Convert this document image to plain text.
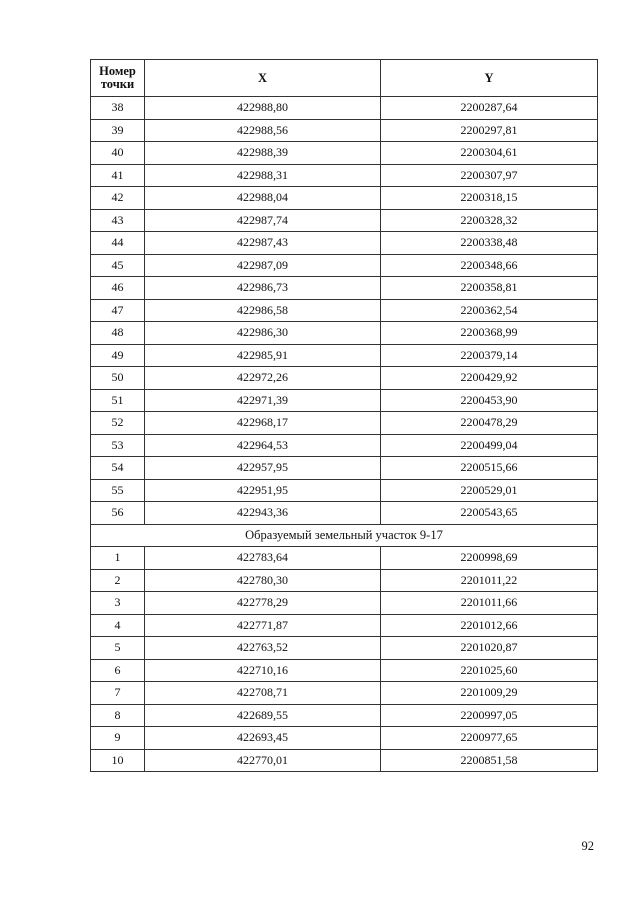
Номер точки	X	Y
38	422988,80	2200287,64
39	422988,56	2200297,81
40	422988,39	2200304,61
41	422988,31	2200307,97
42	422988,04	2200318,15
43	422987,74	2200328,32
44	422987,43	2200338,48
45	422987,09	2200348,66
46	422986,73	2200358,81
47	422986,58	2200362,54
48	422986,30	2200368,99
49	422985,91	2200379,14
50	422972,26	2200429,92
51	422971,39	2200453,90
52	422968,17	2200478,29
53	422964,53	2200499,04
54	422957,95	2200515,66
55	422951,95	2200529,01
56	422943,36	2200543,65
Образуемый земельный участок 9-17		
1	422783,64	2200998,69
2	422780,30	2201011,22
3	422778,29	2201011,66
4	422771,87	2201012,66
5	422763,52	2201020,87
6	422710,16	2201025,60
7	422708,71	2201009,29
8	422689,55	2200997,05
9	422693,45	2200977,65
10	422770,01	2200851,58
92
